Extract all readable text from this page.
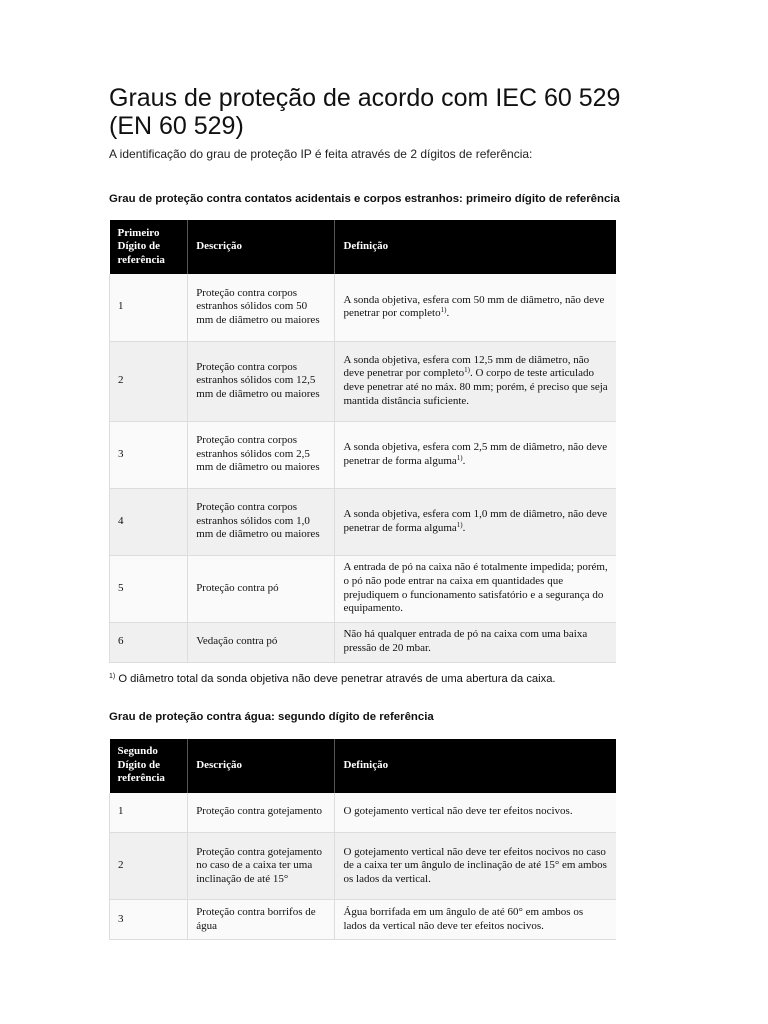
Graus de proteção de acordo com IEC 60 529 (EN 60 529)
A identificação do grau de proteção IP é feita através de 2 dígitos de referência:
Grau de proteção contra contatos acidentais e corpos estranhos: primeiro dígito de referência
Primeiro Dígito de referência	Descrição	Definição
1	Proteção contra corpos estranhos sólidos com 50 mm de diâmetro ou maiores	A sonda objetiva, esfera com 50 mm de diâmetro, não deve penetrar por completo$^{1)}$.
2	Proteção contra corpos estranhos sólidos com 12,5 mm de diâmetro ou maiores	A sonda objetiva, esfera com 12,5 mm de diâmetro, não deve penetrar por completo$^{1)}$. O corpo de teste articulado deve penetrar até no máx. 80 mm; porém, é preciso que seja mantida distância suficiente.
3	Proteção contra corpos estranhos sólidos com 2,5 mm de diâmetro ou maiores	A sonda objetiva, esfera com 2,5 mm de diâmetro, não deve penetrar de forma alguma$^{1)}$.
4	Proteção contra corpos estranhos sólidos com 1,0 mm de diâmetro ou maiores	A sonda objetiva, esfera com 1,0 mm de diâmetro, não deve penetrar de forma alguma$^{1)}$.
5	Proteção contra pó	A entrada de pó na caixa não é totalmente impedida; porém, o pó não pode entrar na caixa em quantidades que prejudiquem o funcionamento satisfatório e a segurança do equipamento.
6	Vedação contra pó	Não há qualquer entrada de pó na caixa com uma baixa pressão de 20 mbar.
$^{1)}$ O diâmetro total da sonda objetiva não deve penetrar através de uma abertura da caixa.
Grau de proteção contra água: segundo dígito de referência
Segundo Dígito de referência	Descrição	Definição
1	Proteção contra gotejamento	O gotejamento vertical não deve ter efeitos nocivos.
2	Proteção contra gotejamento no caso de a caixa ter uma inclinação de até 15°	O gotejamento vertical não deve ter efeitos nocivos no caso de a caixa ter um ângulo de inclinação de até 15° em ambos os lados da vertical.
3	Proteção contra borrifos de água	Água borrifada em um ângulo de até 60° em ambos os lados da vertical não deve ter efeitos nocivos.
